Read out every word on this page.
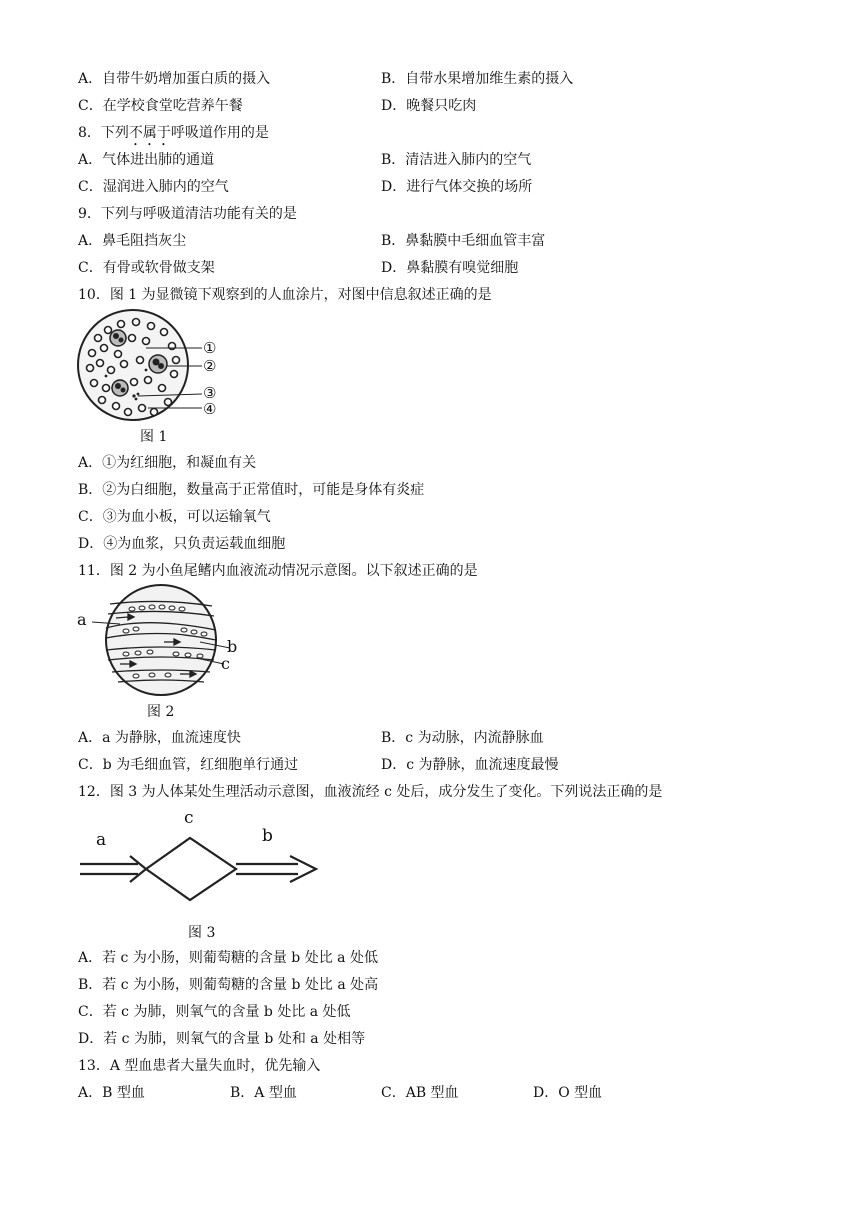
A．自带牛奶增加蛋白质的摄入	B．自带水果增加维生素的摄入
C．在学校食堂吃营养午餐	D．晚餐只吃肉
8．下列不属于呼吸道作用的是
A．气体进出肺的通道	B．清洁进入肺内的空气
C．湿润进入肺内的空气	D．进行气体交换的场所
9．下列与呼吸道清洁功能有关的是
A．鼻毛阻挡灰尘	B．鼻黏膜中毛细血管丰富
C．有骨或软骨做支架	D．鼻黏膜有嗅觉细胞
10．图 1 为显微镜下观察到的人血涂片，对图中信息叙述正确的是
①
②
③
④
图 1
A．①为红细胞，和凝血有关
B．②为白细胞，数量高于正常值时，可能是身体有炎症
C．③为血小板，可以运输氧气
D．④为血浆，只负责运载血细胞
11．图 2 为小鱼尾鳍内血液流动情况示意图。以下叙述正确的是
a
b
c
图 2
A．a 为静脉，血流速度快	B．c 为动脉，内流静脉血
C．b 为毛细血管，红细胞单行通过	D．c 为静脉，血流速度最慢
12．图 3 为人体某处生理活动示意图，血液流经 c 处后，成分发生了变化。下列说法正确的是
a
c
b
图 3
A．若 c 为小肠，则葡萄糖的含量 b 处比 a 处低
B．若 c 为小肠，则葡萄糖的含量 b 处比 a 处高
C．若 c 为肺，则氧气的含量 b 处比 a 处低
D．若 c 为肺，则氧气的含量 b 处和 a 处相等
13．A 型血患者大量失血时，优先输入
A．B 型血	B．A 型血	C．AB 型血	D．O 型血
